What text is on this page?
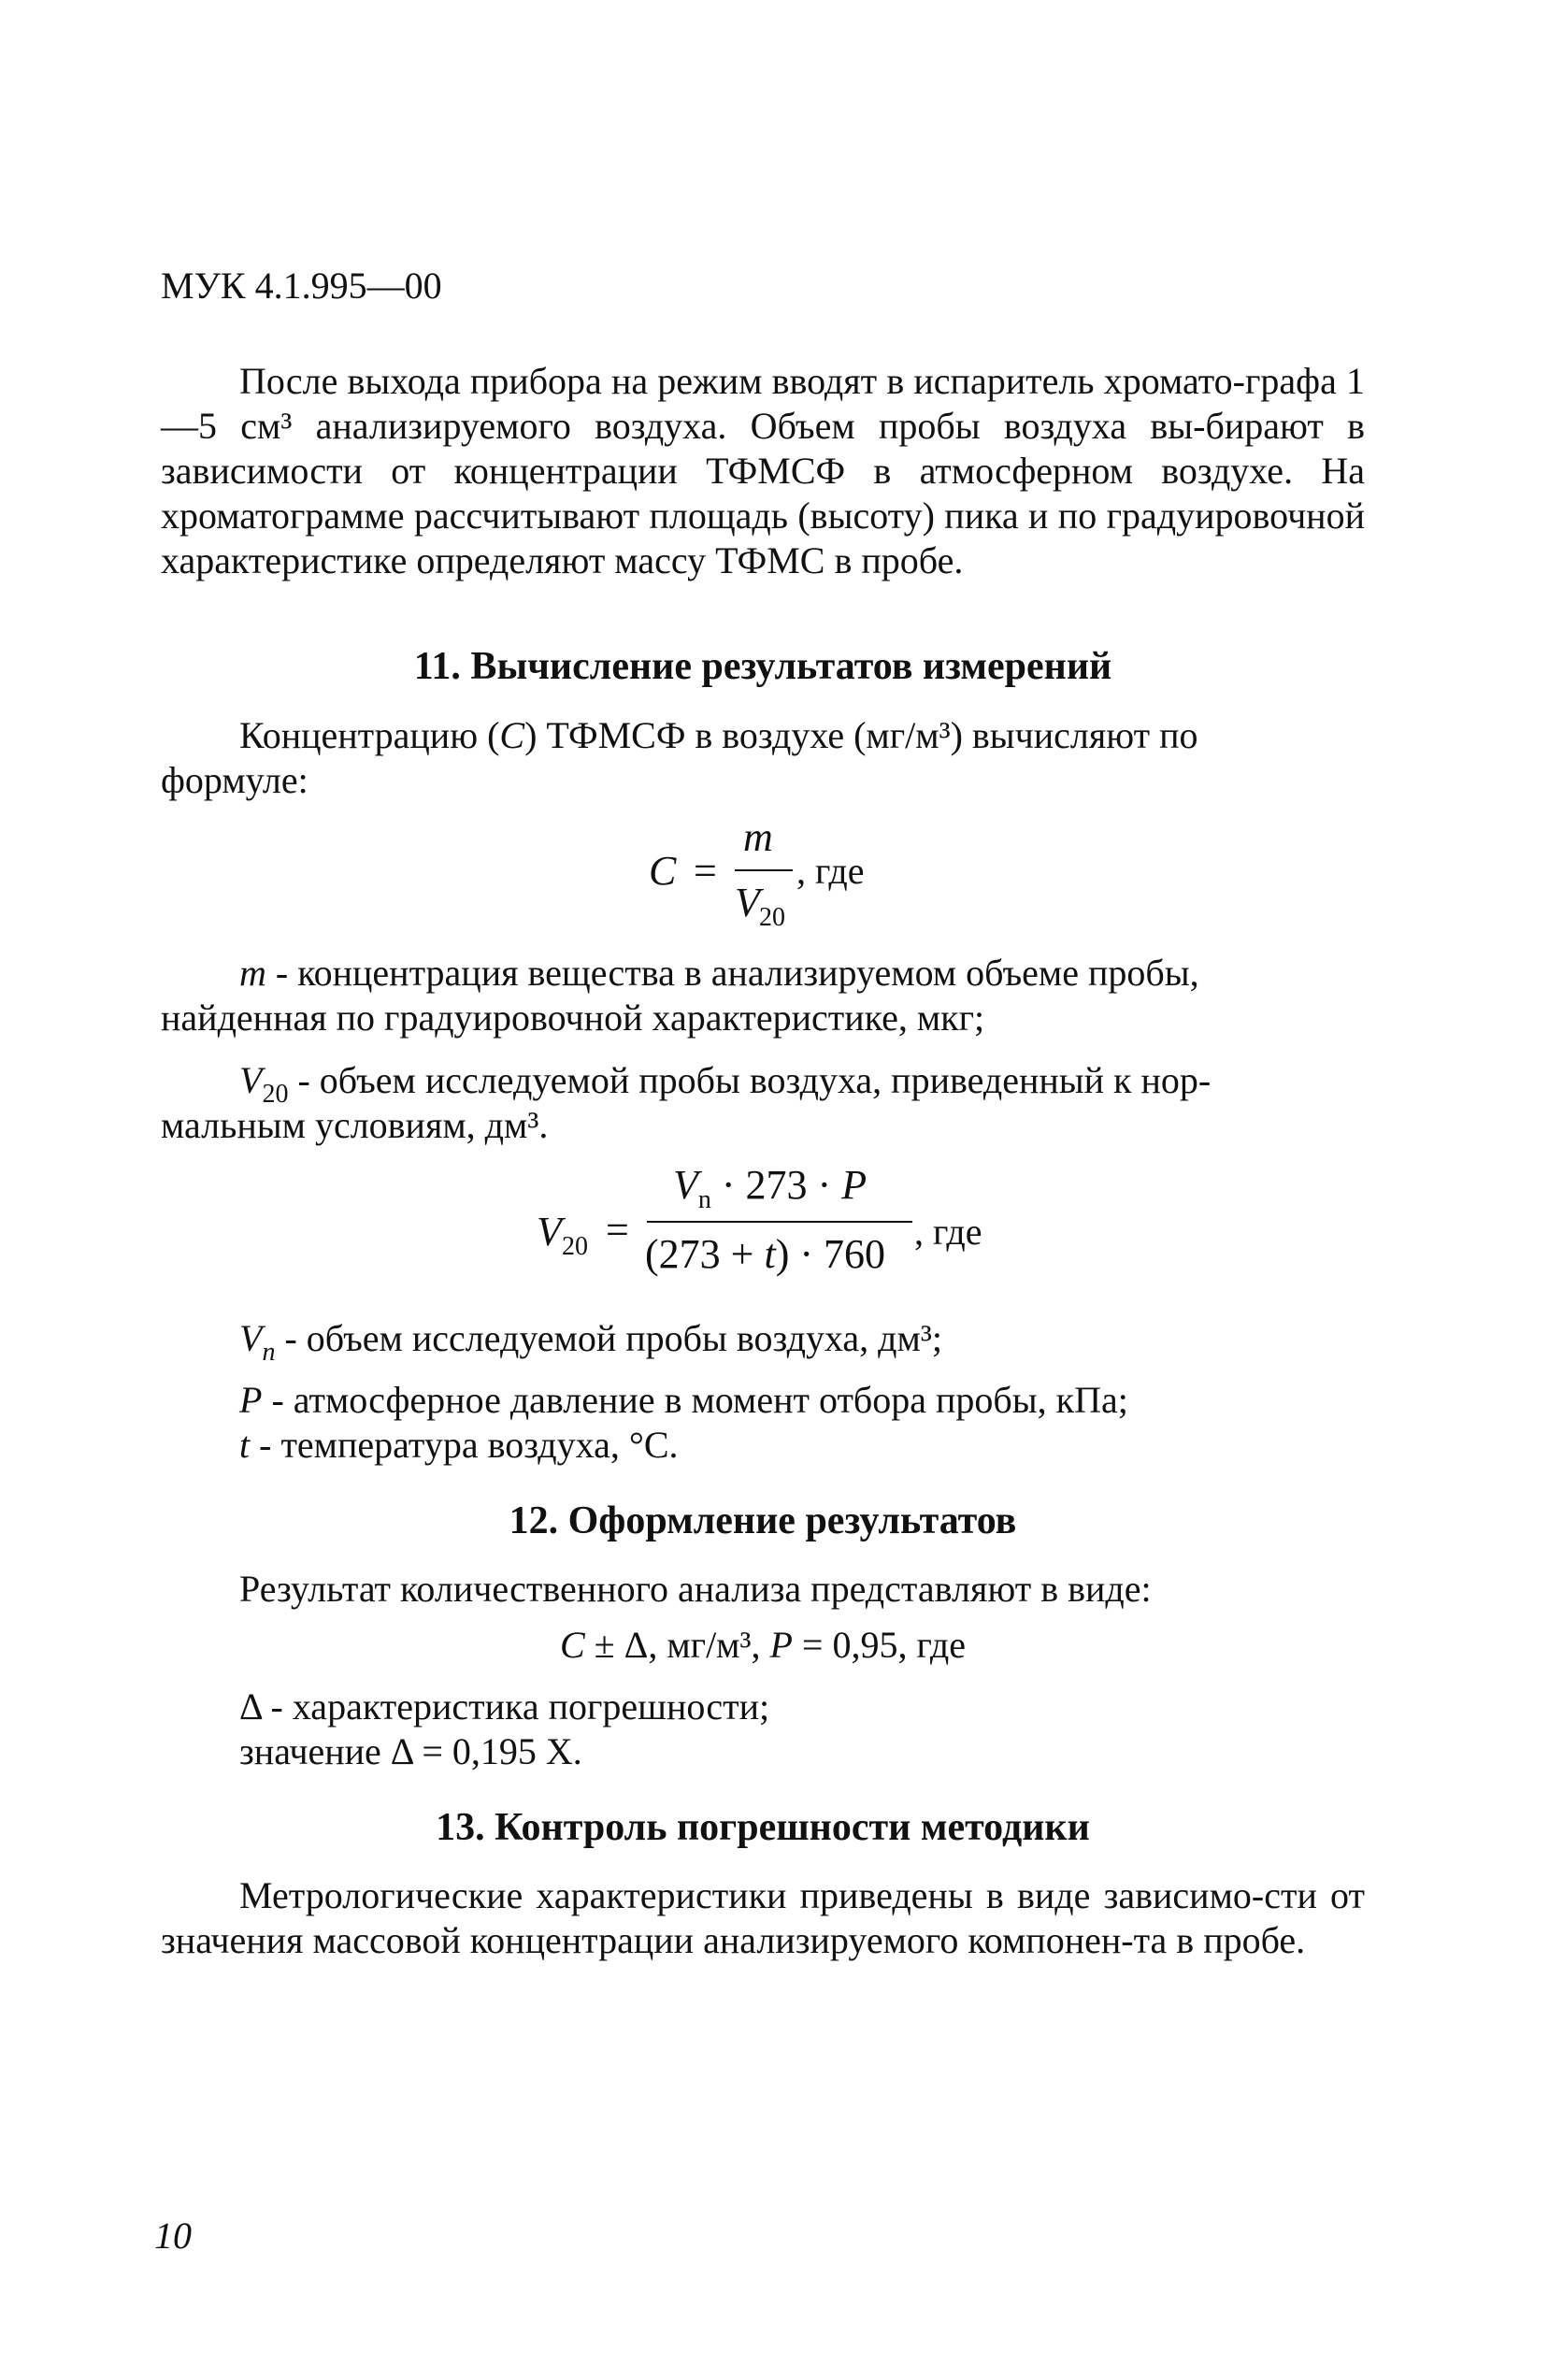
МУК 4.1.995—00
После выхода прибора на режим вводят в испаритель хромато-графа 1—5 см³ анализируемого воздуха. Объем пробы воздуха вы-бирают в зависимости от концентрации ТФМСФ в атмосферном воздухе. На хроматограмме рассчитывают площадь (высоту) пика и по градуировочной характеристике определяют массу ТФМС в пробе.
11. Вычисление результатов измерений
Концентрацию (C) ТФМСФ в воздухе (мг/м³) вычисляют по
формуле:
C =
m
V 20
, где
m - концентрация вещества в анализируемом объеме пробы,
найденная по градуировочной характеристике, мкг;
$V_{20}$ - объем исследуемой пробы воздуха, приведенный к нор-
мальным условиям, дм³.
V 20 =
$V_n \cdot 273 \cdot P$
(273 + t) · 760 , где
$V_n$ - объем исследуемой пробы воздуха, дм³;
P - атмосферное давление в момент отбора пробы, кПа;
t - температура воздуха, °С.
12. Оформление результатов
Результат количественного анализа представляют в виде:
C ± Δ, мг/м³, P = 0,95, где
Δ - характеристика погрешности;
значение Δ = 0,195 X.
13. Контроль погрешности методики
Метрологические характеристики приведены в виде зависимо-сти от значения массовой концентрации анализируемого компонен-та в пробе.
10
